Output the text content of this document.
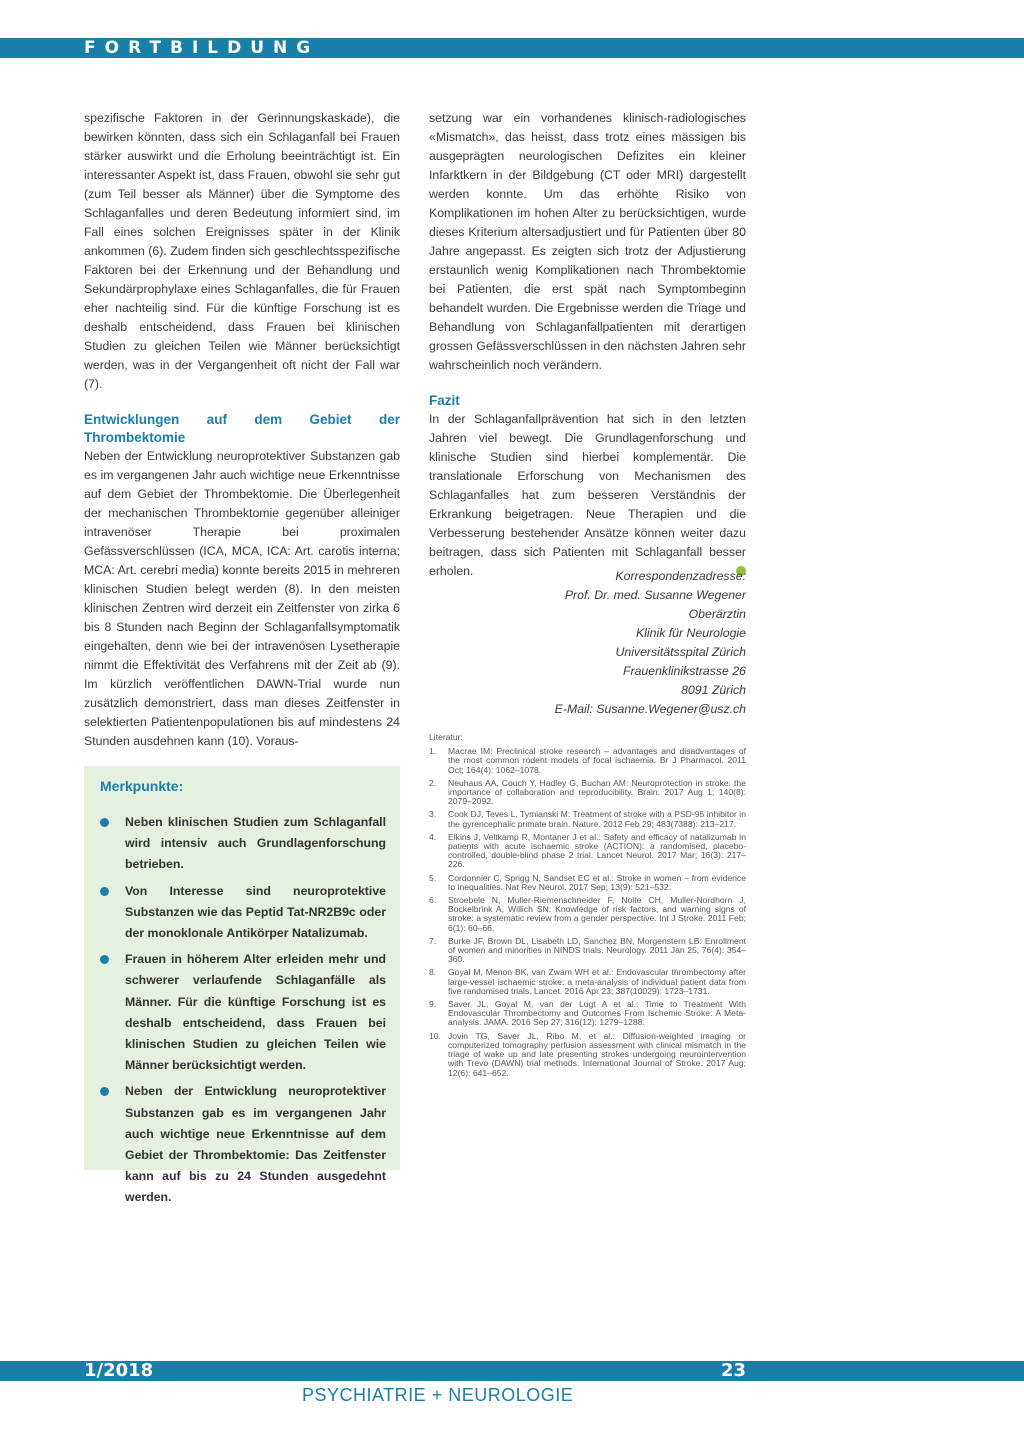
FORTBILDUNG

spezifische Faktoren in der Gerinnungskaskade), die bewirken könnten, dass sich ein Schlaganfall bei Frauen stärker auswirkt und die Erholung beeinträchtigt ist. Ein interessanter Aspekt ist, dass Frauen, obwohl sie sehr gut (zum Teil besser als Männer) über die Symptome des Schlaganfalles und deren Bedeutung informiert sind, im Fall eines solchen Ereignisses später in der Klinik ankommen (6). Zudem finden sich geschlechtsspezifische Faktoren bei der Erkennung und der Behandlung und Sekundärprophylaxe eines Schlaganfalles, die für Frauen eher nachteilig sind. Für die künftige Forschung ist es deshalb entscheidend, dass Frauen bei klinischen Studien zu gleichen Teilen wie Männer berücksichtigt werden, was in der Vergangenheit oft nicht der Fall war (7).

Entwicklungen auf dem Gebiet der Thrombektomie

Neben der Entwicklung neuroprotektiver Substanzen gab es im vergangenen Jahr auch wichtige neue Erkenntnisse auf dem Gebiet der Thrombektomie. Die Überlegenheit der mechanischen Thrombektomie gegenüber alleiniger intravenöser Therapie bei proximalen Gefässverschlüssen (ICA, MCA, ICA: Art. carotis interna; MCA: Art. cerebri media) konnte bereits 2015 in mehreren klinischen Studien belegt werden (8). In den meisten klinischen Zentren wird derzeit ein Zeitfenster von zirka 6 bis 8 Stunden nach Beginn der Schlaganfallsymptomatik eingehalten, denn wie bei der intravenösen Lysetherapie nimmt die Effektivität des Verfahrens mit der Zeit ab (9). Im kürzlich veröffentlichen DAWN-Trial wurde nun zusätzlich demonstriert, dass man dieses Zeitfenster in selektierten Patientenpopulationen bis auf mindestens 24 Stunden ausdehnen kann (10). Voraus-

setzung war ein vorhandenes klinisch-radiologisches «Mismatch», das heisst, dass trotz eines mässigen bis ausgeprägten neurologischen Defizites ein kleiner Infarktkern in der Bildgebung (CT oder MRI) dargestellt werden konnte. Um das erhöhte Risiko von Komplikationen im hohen Alter zu berücksichtigen, wurde dieses Kriterium altersadjustiert und für Patienten über 80 Jahre angepasst. Es zeigten sich trotz der Adjustierung erstaunlich wenig Komplikationen nach Thrombektomie bei Patienten, die erst spät nach Symptombeginn behandelt wurden. Die Ergebnisse werden die Triage und Behandlung von Schlaganfallpatienten mit derartigen grossen Gefässverschlüssen in den nächsten Jahren sehr wahrscheinlich noch verändern.

Fazit

In der Schlaganfallprävention hat sich in den letzten Jahren viel bewegt. Die Grundlagenforschung und klinische Studien sind hierbei komplementär. Die translationale Erforschung von Mechanismen des Schlaganfalles hat zum besseren Verständnis der Erkrankung beigetragen. Neue Therapien und die Verbesserung bestehender Ansätze können weiter dazu beitragen, dass sich Patienten mit Schlaganfall besser erholen.	Korrespondenzadresse:
Prof. Dr. med. Susanne Wegener
Oberärztin
Klinik für Neurologie
Universitätsspital Zürich
Frauenklinikstrasse 26
8091 Zürich
E-Mail: Susanne.Wegener@usz.ch
Literatur:
1. Macrae IM: Preclinical stroke research – advantages and disadvantages of the most common rodent models of focal ischaemia. Br J Pharmacol. 2011 Oct; 164(4): 1062–1078.
2. Neuhaus AA, Couch Y, Hadley G, Buchan AM: Neuroprotection in stroke: the importance of collaboration and reproducibility. Brain. 2017 Aug 1; 140(8): 2079–2092.
3. Cook DJ, Teves L, Tymianski M: Treatment of stroke with a PSD-95 inhibitor in the gyrencephalic primate brain. Nature. 2012 Feb 29; 483(7388): 213–217.
4. Elkins J, Veltkamp R, Montaner J et al.: Safety and efficacy of natalizumab in patients with acute ischaemic stroke (ACTION): a randomised, placebo-controlled, double-blind phase 2 trial. Lancet Neurol. 2017 Mar; 16(3): 217–226.
5. Cordonnier C, Sprigg N, Sandset EC et al.: Stroke in women – from evidence to inequalities. Nat Rev Neurol. 2017 Sep; 13(9): 521–532.
6. Stroebele N, Muller-Riemenschneider F, Nolte CH, Muller-Nordhorn J, Bockelbrink A, Willich SN: Knowledge of risk factors, and warning signs of stroke: a systematic review from a gender perspective. Int J Stroke. 2011 Feb; 6(1): 60–66.
7. Burke JF, Brown DL, Lisabeth LD, Sanchez BN, Morgenstern LB: Enrollment of women and minorities in NINDS trials. Neurology. 2011 Jan 25; 76(4): 354–360.
8. Goyal M, Menon BK, van Zwam WH et al.: Endovascular thrombectomy after large-vessel ischaemic stroke: a meta-analysis of individual patient data from five randomised trials. Lancet. 2016 Apr 23; 387(10029): 1723–1731.
9. Saver JL, Goyal M, van der Lugt A et al.: Time to Treatment With Endovascular Thrombectomy and Outcomes From Ischemic Stroke: A Meta-analysis. JAMA. 2016 Sep 27; 316(12): 1279–1288.
10. Jovin TG, Saver JL, Ribo M, et al.: Diffusion-weighted imaging or computerized tomography perfusion assessment with clinical mismatch in the triage of wake up and late presenting strokes undergoing neurointervention with Trevo (DAWN) trial methods. International Journal of Stroke. 2017 Aug; 12(6): 641–652.
Merkpunkte:
Neben klinischen Studien zum Schlaganfall wird intensiv auch Grundlagenforschung betrieben.
Von Interesse sind neuroprotektive Substanzen wie das Peptid Tat-NR2B9c oder der monoklonale Antikörper Natalizumab.
Frauen in höherem Alter erleiden mehr und schwerer verlaufende Schlaganfälle als Männer. Für die künftige Forschung ist es deshalb entscheidend, dass Frauen bei klinischen Studien zu gleichen Teilen wie Männer berücksichtigt werden.
Neben der Entwicklung neuroprotektiver Substanzen gab es im vergangenen Jahr auch wichtige neue Erkenntnisse auf dem Gebiet der Thrombektomie: Das Zeitfenster kann auf bis zu 24 Stunden ausgedehnt werden.
1/2018	23
PSYCHIATRIE + NEUROLOGIE
